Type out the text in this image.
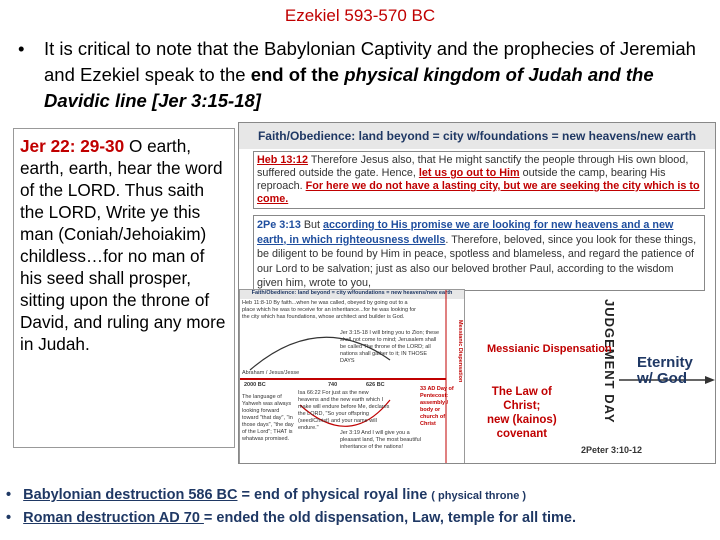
Ezekiel 593-570 BC
• It is critical to note that the Babylonian Captivity and the prophecies of Jeremiah and Ezekiel speak to the end of the physical kingdom of Judah and the Davidic line [Jer 3:15-18]
Jer 22: 29-30 O earth, earth, earth, hear the word of the LORD. Thus saith the LORD, Write ye this man (Coniah/Jehoiakim) childless…for no man of his seed shall prosper, sitting upon the throne of David, and ruling any more in Judah.
Faith/Obedience: land beyond = city w/foundations = new heavens/new earth
Heb 13:12 Therefore Jesus also, that He might sanctify the people through His own blood, suffered outside the gate. Hence, let us go out to Him outside the camp, bearing His reproach. For here we do not have a lasting city, but we are seeking the city which is to come.
2Pe 3:13 But according to His promise we are looking for new heavens and a new earth, in which righteousness dwells. Therefore, beloved, since you look for these things, be diligent to be found by Him in peace, spotless and blameless, and regard the patience of our Lord to be salvation; just as also our beloved brother Paul, according to the wisdom given him, wrote to you,
Faith/Obedience: land beyond = city w/foundations = new heavens/new earth
Heb 11:8-10 By faith...when he was called, obeyed by going out to a place which he was to receive for an inheritance...for he was looking for the city which has foundations, whose architect and builder is God.
Jer 3:15-18 I will bring you to Zion; these shall not come to mind; Jerusalem shall be called The throne of the LORD; all nations shall gather to it; IN THOSE DAYS
Abraham / Jesus/Jesse
2000 BC	740	626 BC
The language of Yahweh was always looking forward toward "that day", "in those days", "the day of the Lord"; THAT is whatwas promised.
Isa 66:22 For just as the new heavens and the new earth which I make will endure before Me, declares the LORD, "So your offspring (seed/Christ) and your name will endure."
Jer 3:19 And I will give you a pleasant land, The most beautiful inheritance of the nations!
33 AD Day of Pentecost: assembly / body or church of Christ
Messianic Dispensation	JUDGEMENT DAY
Messianic Dispensation
Eternity
w/ God
The Law of
Christ;
new (kainos)
covenant
2Peter 3:10-12
• Babylonian destruction 586 BC = end of physical royal line ( physical throne )
• Roman destruction AD 70 = ended the old dispensation, Law, temple for all time.
